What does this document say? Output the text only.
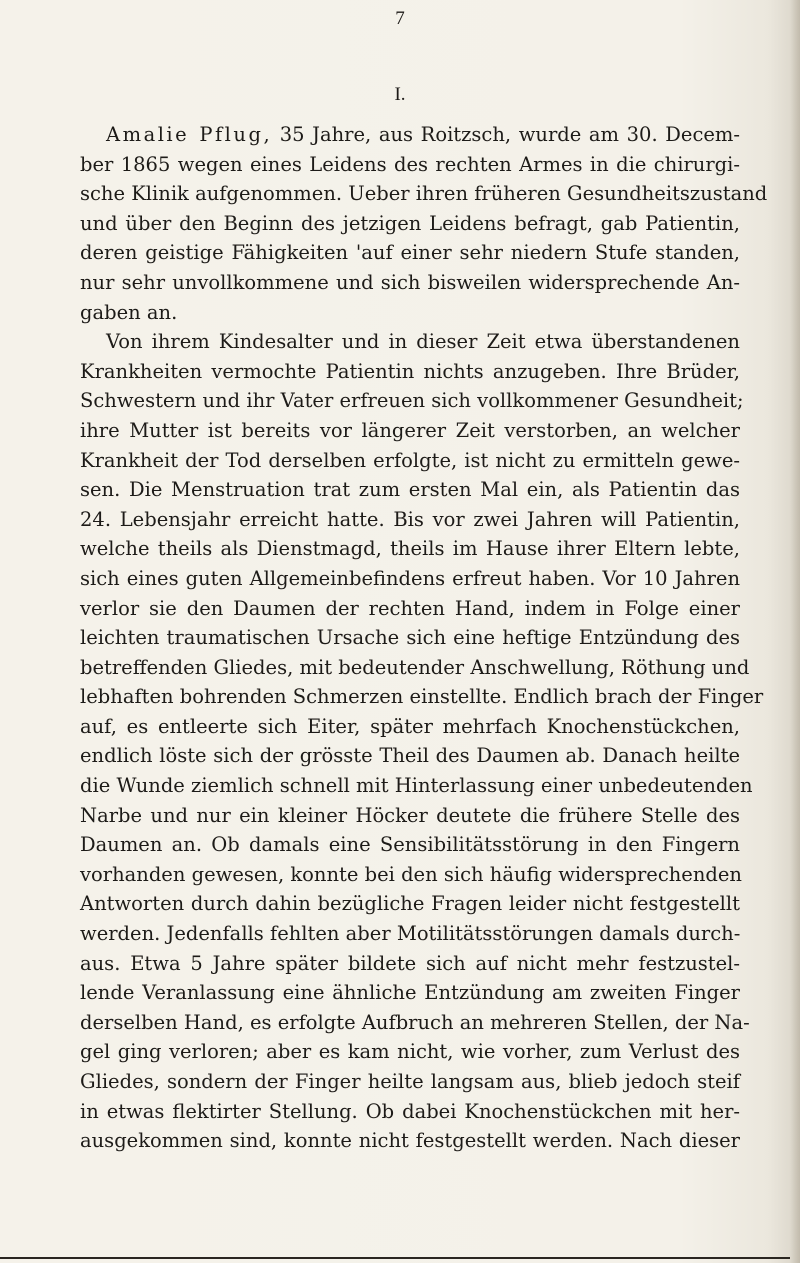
7
I.
Amalie Pflug, 35 Jahre, aus Roitzsch, wurde am 30. Decem-
ber 1865 wegen eines Leidens des rechten Armes in die chirurgi-
sche Klinik aufgenommen. Ueber ihren früheren Gesundheitszustand
und über den Beginn des jetzigen Leidens befragt, gab Patientin,
deren geistige Fähigkeiten 'auf einer sehr niedern Stufe standen,
nur sehr unvollkommene und sich bisweilen widersprechende An-
gaben an.
Von ihrem Kindesalter und in dieser Zeit etwa überstandenen
Krankheiten vermochte Patientin nichts anzugeben. Ihre Brüder,
Schwestern und ihr Vater erfreuen sich vollkommener Gesundheit;
ihre Mutter ist bereits vor längerer Zeit verstorben, an welcher
Krankheit der Tod derselben erfolgte, ist nicht zu ermitteln gewe-
sen. Die Menstruation trat zum ersten Mal ein, als Patientin das
24. Lebensjahr erreicht hatte. Bis vor zwei Jahren will Patientin,
welche theils als Dienstmagd, theils im Hause ihrer Eltern lebte,
sich eines guten Allgemeinbefindens erfreut haben. Vor 10 Jahren
verlor sie den Daumen der rechten Hand, indem in Folge einer
leichten traumatischen Ursache sich eine heftige Entzündung des
betreffenden Gliedes, mit bedeutender Anschwellung, Röthung und
lebhaften bohrenden Schmerzen einstellte. Endlich brach der Finger
auf, es entleerte sich Eiter, später mehrfach Knochenstückchen,
endlich löste sich der grösste Theil des Daumen ab. Danach heilte
die Wunde ziemlich schnell mit Hinterlassung einer unbedeutenden
Narbe und nur ein kleiner Höcker deutete die frühere Stelle des
Daumen an. Ob damals eine Sensibilitätsstörung in den Fingern
vorhanden gewesen, konnte bei den sich häufig widersprechenden
Antworten durch dahin bezügliche Fragen leider nicht festgestellt
werden. Jedenfalls fehlten aber Motilitätsstörungen damals durch-
aus. Etwa 5 Jahre später bildete sich auf nicht mehr festzustel-
lende Veranlassung eine ähnliche Entzündung am zweiten Finger
derselben Hand, es erfolgte Aufbruch an mehreren Stellen, der Na-
gel ging verloren; aber es kam nicht, wie vorher, zum Verlust des
Gliedes, sondern der Finger heilte langsam aus, blieb jedoch steif
in etwas flektirter Stellung. Ob dabei Knochenstückchen mit her-
ausgekommen sind, konnte nicht festgestellt werden. Nach dieser
